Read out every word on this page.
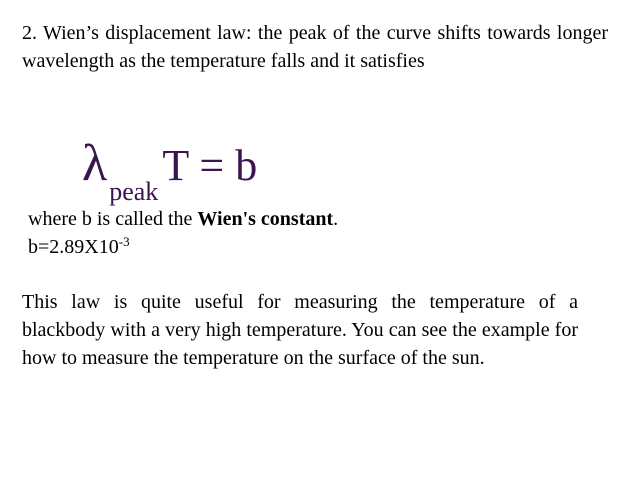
2. Wien’s displacement law: the peak of the curve shifts towards longer wavelength as the temperature falls and it satisfies

λpeakT = b

where b is called the Wien's constant.

$b=2.89X10^{-3}$

This law is quite useful for measuring the temperature of a blackbody with a very high temperature. You can see the example for how to measure the temperature on the surface of the sun.
